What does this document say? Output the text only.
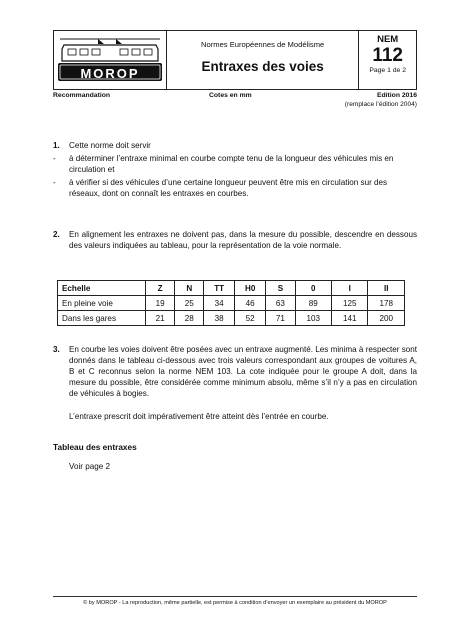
MOROP

Normes Européennes de Modélisme
Entraxes des voies

NEM
112
Page 1 de 2
Recommandation	Cotes en mm	Edition 2016
(remplace l’édition 2004)
1.	Cette norme doit servir
-	à déterminer l’entraxe minimal en courbe compte tenu de la longueur des véhicules mis en circulation et
-	à vérifier si des véhicules d’une certaine longueur peuvent être mis en circulation sur des réseaux, dont on connaît les entraxes en courbes.
2.	En alignement les entraxes ne doivent pas, dans la mesure du possible, descendre en dessous des valeurs indiquées au tableau, pour la représentation de la voie normale.
Echelle	Z	N	TT	H0	S	0	I	II
En pleine voie	19	25	34	46	63	89	125	178
Dans les gares	21	28	38	52	71	103	141	200
3.	En courbe les voies doivent être posées avec un entraxe augmenté. Les minima à respecter sont donnés dans le tableau ci-dessous avec trois valeurs correspondant aux groupes de voitures A, B et C reconnus selon la norme NEM 103. La cote indiquée pour le groupe A doit, dans la mesure du possible, être considérée comme minimum absolu, même s’il n’y a pas en circulation de véhicules à bogies.
L’entraxe prescrit doit impérativement être atteint dès l’entrée en courbe.
Tableau des entraxes
Voir page 2
© by MOROP - La reproduction, même partielle, est permise à condition d’envoyer un exemplaire au président du MOROP
